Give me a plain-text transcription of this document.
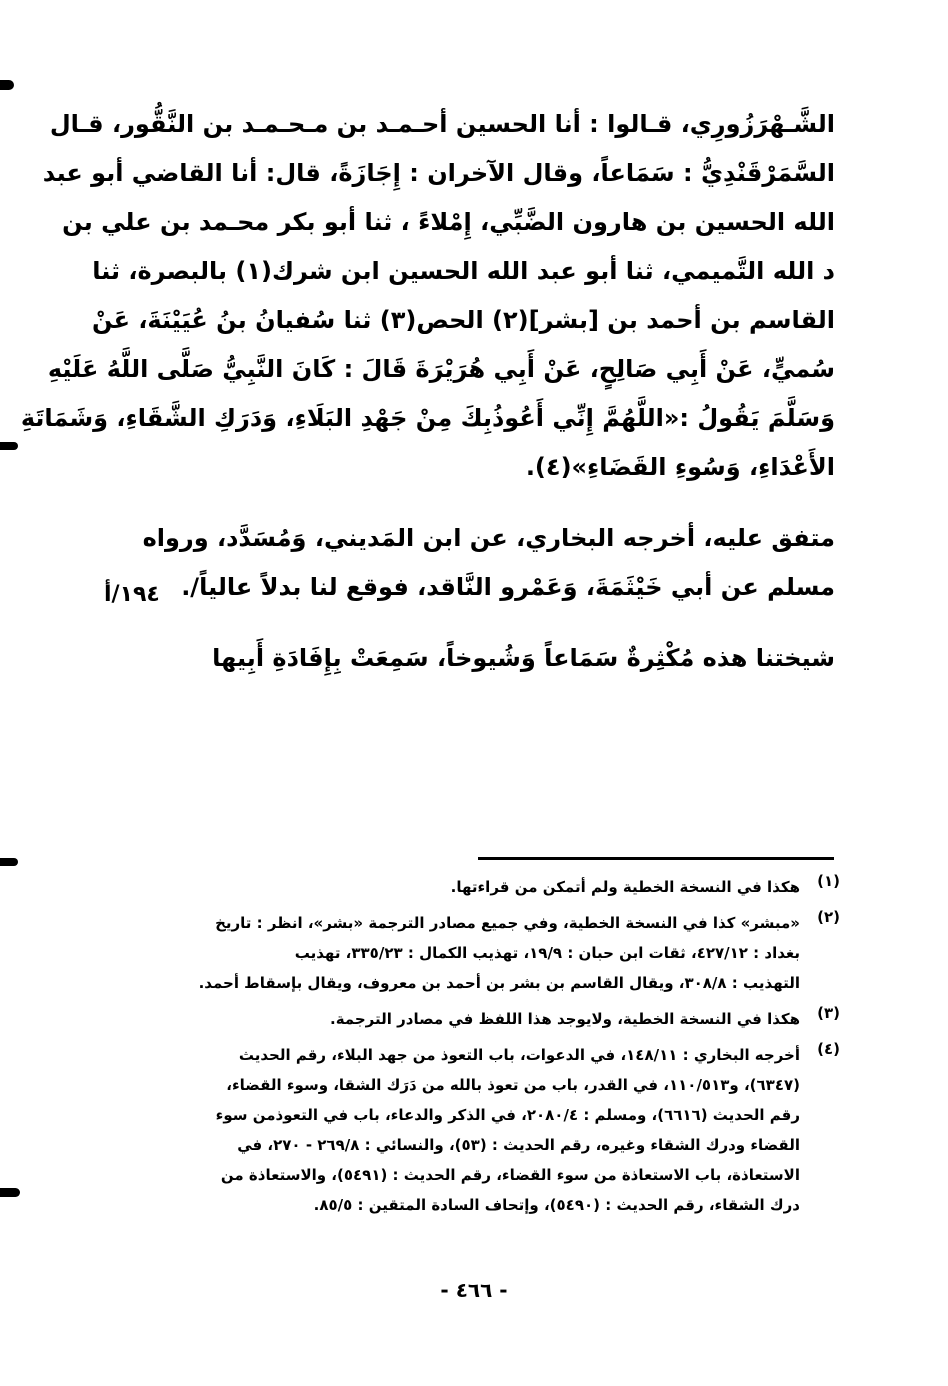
الشَّـهْرَزُورِي، قـالوا : أنا الحسين أحـمـد بن مـحـمـد بن النَّقُّور، قـال
السَّمَرْقَنْدِيُّ : سَمَاعاً، وقال الآخران : إِجَازَةً، قال: أنا القاضي أبو عبد
الله الحسين بن هارون الضَّبِّي، إِمْلاءً ، ثنا أبو بكر محـمد بن علي بن
د الله التَّميمي، ثنا أبو عبد الله الحسين ابن شرك(١) بالبصرة، ثنا
القاسم بن أحمد بن [بشر](٢) الحص(٣) ثنا سُفيانُ بنُ عُيَيْنَةَ، عَنْ
سُميٍّ، عَنْ أَبِي صَالِحٍ، عَنْ أَبِي هُرَيْرَةَ قَالَ : كَانَ النَّبِيُّ صَلَّى اللَّهُ عَلَيْهِ
وَسَلَّمَ يَقُولُ :«اللَّهُمَّ إِنِّي أَعُوذُبِكَ مِنْ جَهْدِ البَلَاءِ، وَدَرَكِ الشَّقَاءِ، وَشَمَاتَةِ
الأَعْدَاءِ، وَسُوءِ القَضَاءِ»(٤).

متفق عليه، أخرجه البخاري، عن ابن المَديني، وَمُسَدَّد، ورواه
مسلم عن أبي خَيْثَمَةَ، وَعَمْرو النَّاقد، فوقع لنا بدلاً عالياً/.

شيختنا هذه مُكْثِرةٌ سَمَاعاً وَشُيوخاً، سَمِعَتْ بِإِفَادَةِ أَبِيها

١٩٤/أ
(١)
هكذا في النسخة الخطية ولم أتمكن من قراءتها.
(٢)
«مبشر» كذا في النسخة الخطية، وفي جميع مصادر الترجمة «بشر»، انظر : تاريخ
بغداد : ٤٢٧/١٢، ثقات ابن حبان : ١٩/٩، تهذيب الكمال : ٣٣٥/٢٣، تهذيب
التهذيب : ٣٠٨/٨، ويقال القاسم بن بشر بن أحمد بن معروف، ويقال بإسقاط أحمد.
(٣)
هكذا في النسخة الخطية، ولايوجد هذا اللفظ في مصادر الترجمة.
(٤)
أخرجه البخاري : ١٤٨/١١، في الدعوات، باب التعوذ من جهد البلاء، رقم الحديث
(٦٣٤٧)، و١١٠/٥١٣، في القدر، باب من تعوذ بالله من دَرَك الشقا، وسوء القضاء،
رقم الحديث (٦٦١٦)، ومسلم : ٢٠٨٠/٤، في الذكر والدعاء، باب في التعوذمن سوء
القضاء ودرك الشقاء وغيره، رقم الحديث : (٥٣)، والنسائي : ٢٦٩/٨ - ٢٧٠، في
الاستعاذة، باب الاستعاذة من سوء القضاء، رقم الحديث : (٥٤٩١)، والاستعاذة من
درك الشقاء، رقم الحديث : (٥٤٩٠)، وإتحاف السادة المتقين : ٨٥/٥.
- ٤٦٦ -
